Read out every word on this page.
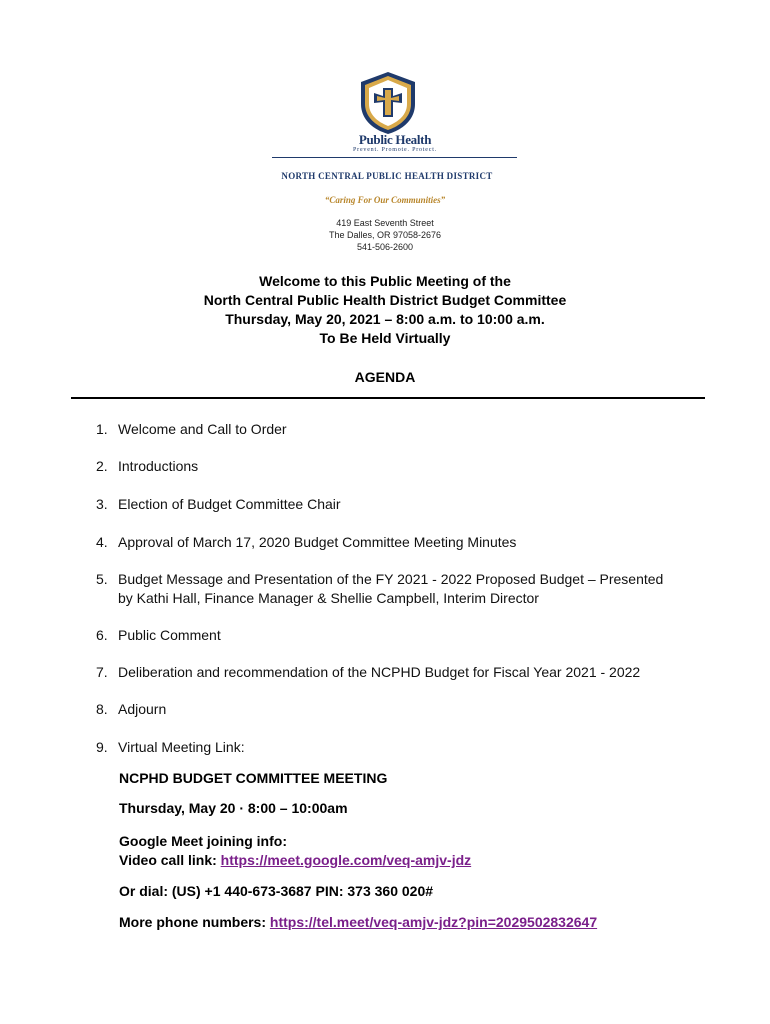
Public Health
Prevent. Promote. Protect.
NORTH CENTRAL PUBLIC HEALTH DISTRICT
“Caring For Our Communities”
419 East Seventh Street
The Dalles, OR 97058-2676
541-506-2600
Welcome to this Public Meeting of the
North Central Public Health District Budget Committee
Thursday, May 20, 2021 – 8:00 a.m. to 10:00 a.m.
To Be Held Virtually
AGENDA
1. Welcome and Call to Order
2. Introductions
3. Election of Budget Committee Chair
4. Approval of March 17, 2020 Budget Committee Meeting Minutes
5. Budget Message and Presentation of the FY 2021 - 2022 Proposed Budget – Presented
by Kathi Hall, Finance Manager & Shellie Campbell, Interim Director
6. Public Comment
7. Deliberation and recommendation of the NCPHD Budget for Fiscal Year 2021 - 2022
8. Adjourn
9. Virtual Meeting Link:
NCPHD BUDGET COMMITTEE MEETING
Thursday, May 20 · 8:00 – 10:00am
Google Meet joining info:
Video call link: https://meet.google.com/veq-amjv-jdz
Or dial: (US) +1 440-673-3687 PIN: 373 360 020#
More phone numbers: https://tel.meet/veq-amjv-jdz?pin=2029502832647
